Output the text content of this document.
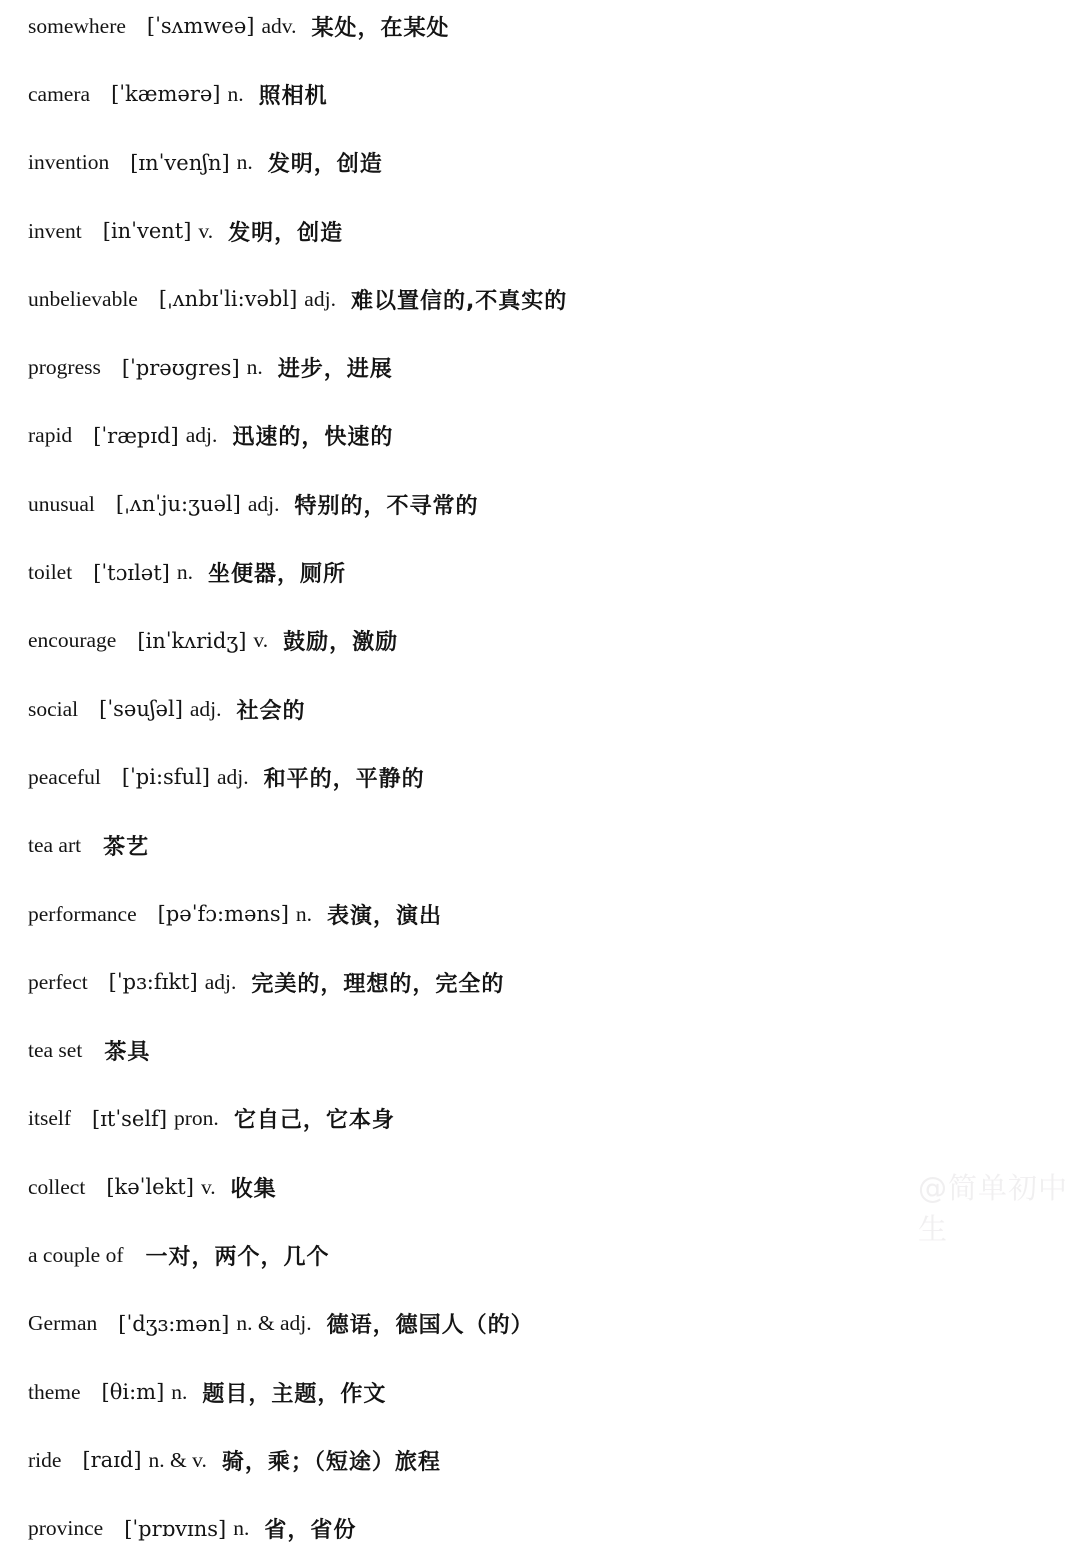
somewhere [ˈsʌmweə] adv. 某处，在某处
camera [ˈkæmərə] n. 照相机
invention [ɪnˈvenʃn] n. 发明，创造
invent [inˈvent] v. 发明，创造
unbelievable [ˌʌnbɪˈli:vəbl] adj. 难以置信的,不真实的
progress [ˈprəʊgres] n. 进步，进展
rapid [ˈræpɪd] adj. 迅速的，快速的
unusual [ˌʌnˈju:ʒuəl] adj. 特别的，不寻常的
toilet [ˈtɔɪlət] n. 坐便器，厕所
encourage [inˈkʌridʒ] v. 鼓励，激励
social [ˈsəuʃəl] adj. 社会的
peaceful [ˈpi:sful] adj. 和平的，平静的
tea art 茶艺
performance [pəˈfɔ:məns] n. 表演，演出
perfect [ˈpɜ:fɪkt] adj. 完美的，理想的，完全的
tea set 茶具
itself [ɪtˈself] pron. 它自己，它本身
collect [kəˈlekt] v. 收集
a couple of 一对，两个，几个
German [ˈdʒɜ:mən] n. & adj. 德语，德国人（的）
theme [θi:m] n. 题目，主题，作文
ride [raɪd] n. & v. 骑，乘；（短途）旅程
province [ˈprɒvɪns] n. 省，省份
@简单初中生
